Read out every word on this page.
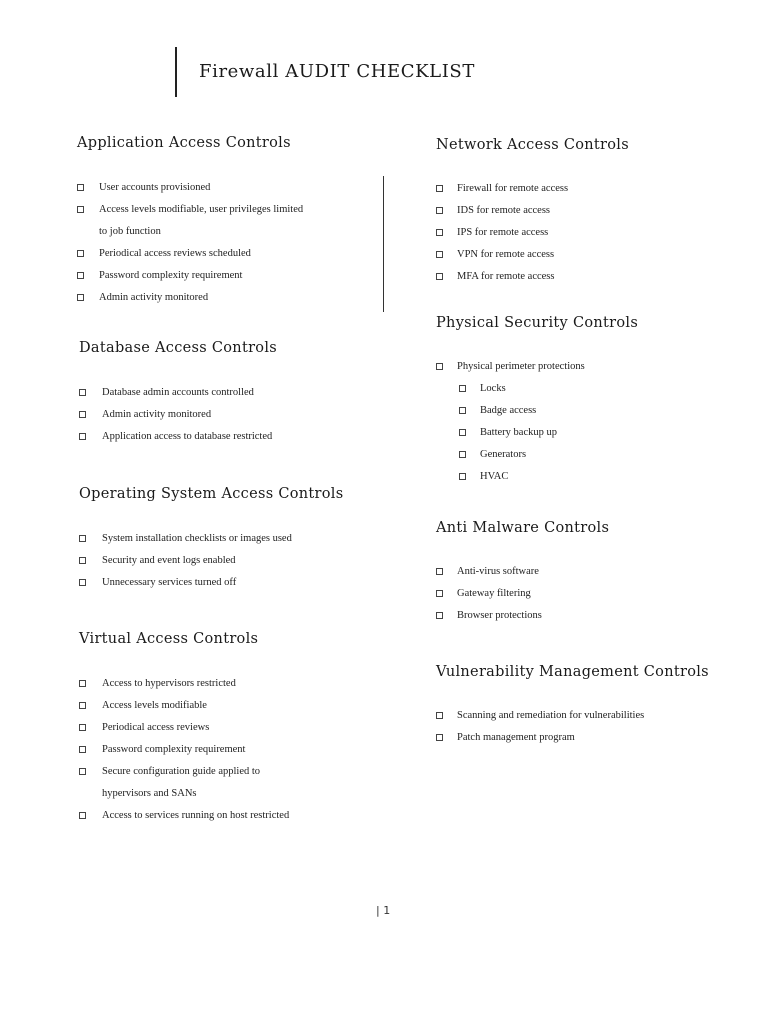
Firewall AUDIT CHECKLIST
Application Access Controls
User accounts provisioned
Access levels modifiable, user privileges limited
to job function
Periodical access reviews scheduled
Password complexity requirement
Admin activity monitored
Database Access Controls
Database admin accounts controlled
Admin activity monitored
Application access to database restricted
Operating System Access Controls
System installation checklists or images used
Security and event logs enabled
Unnecessary services turned off
Virtual Access Controls
Access to hypervisors restricted
Access levels modifiable
Periodical access reviews
Password complexity requirement
Secure configuration guide applied to
hypervisors and SANs
Access to services running on host restricted
Network Access Controls
Firewall for remote access
IDS for remote access
IPS for remote access
VPN for remote access
MFA for remote access
Physical Security Controls
Physical perimeter protections
Locks
Badge access
Battery backup up
Generators
HVAC
Anti Malware Controls
Anti-virus software
Gateway filtering
Browser protections
Vulnerability Management Controls
Scanning and remediation for vulnerabilities
Patch management program
| 1
